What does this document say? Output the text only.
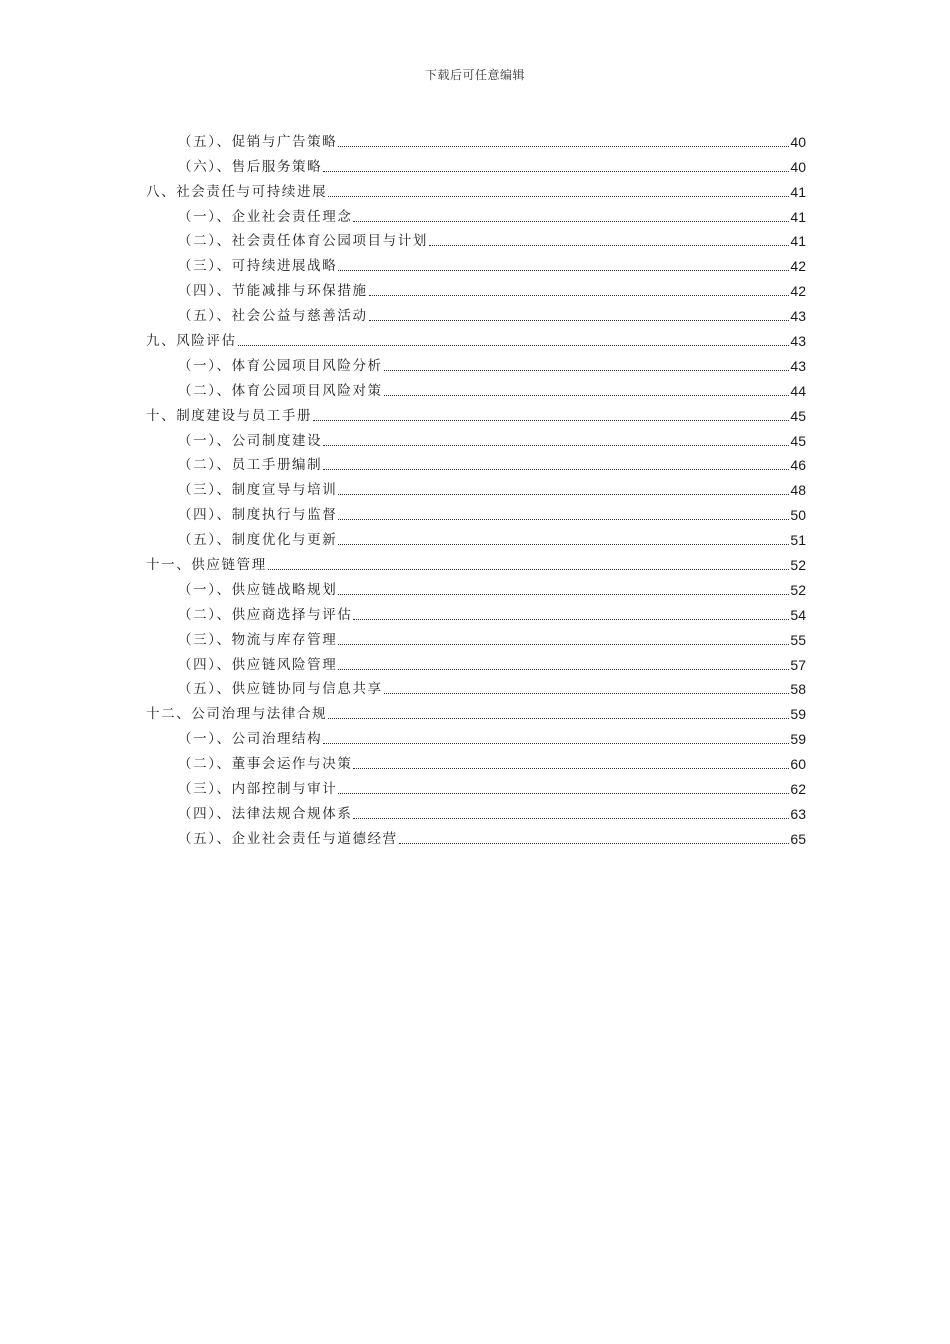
下载后可任意编辑
（五）、促销与广告策略	40
（六）、售后服务策略	40
八、社会责任与可持续进展	41
（一）、企业社会责任理念	41
（二）、社会责任体育公园项目与计划	41
（三）、可持续进展战略	42
（四）、节能减排与环保措施	42
（五）、社会公益与慈善活动	43
九、风险评估	43
（一）、体育公园项目风险分析	43
（二）、体育公园项目风险对策	44
十、制度建设与员工手册	45
（一）、公司制度建设	45
（二）、员工手册编制	46
（三）、制度宣导与培训	48
（四）、制度执行与监督	50
（五）、制度优化与更新	51
十一、供应链管理	52
（一）、供应链战略规划	52
（二）、供应商选择与评估	54
（三）、物流与库存管理	55
（四）、供应链风险管理	57
（五）、供应链协同与信息共享	58
十二、公司治理与法律合规	59
（一）、公司治理结构	59
（二）、董事会运作与决策	60
（三）、内部控制与审计	62
（四）、法律法规合规体系	63
（五）、企业社会责任与道德经营	65
